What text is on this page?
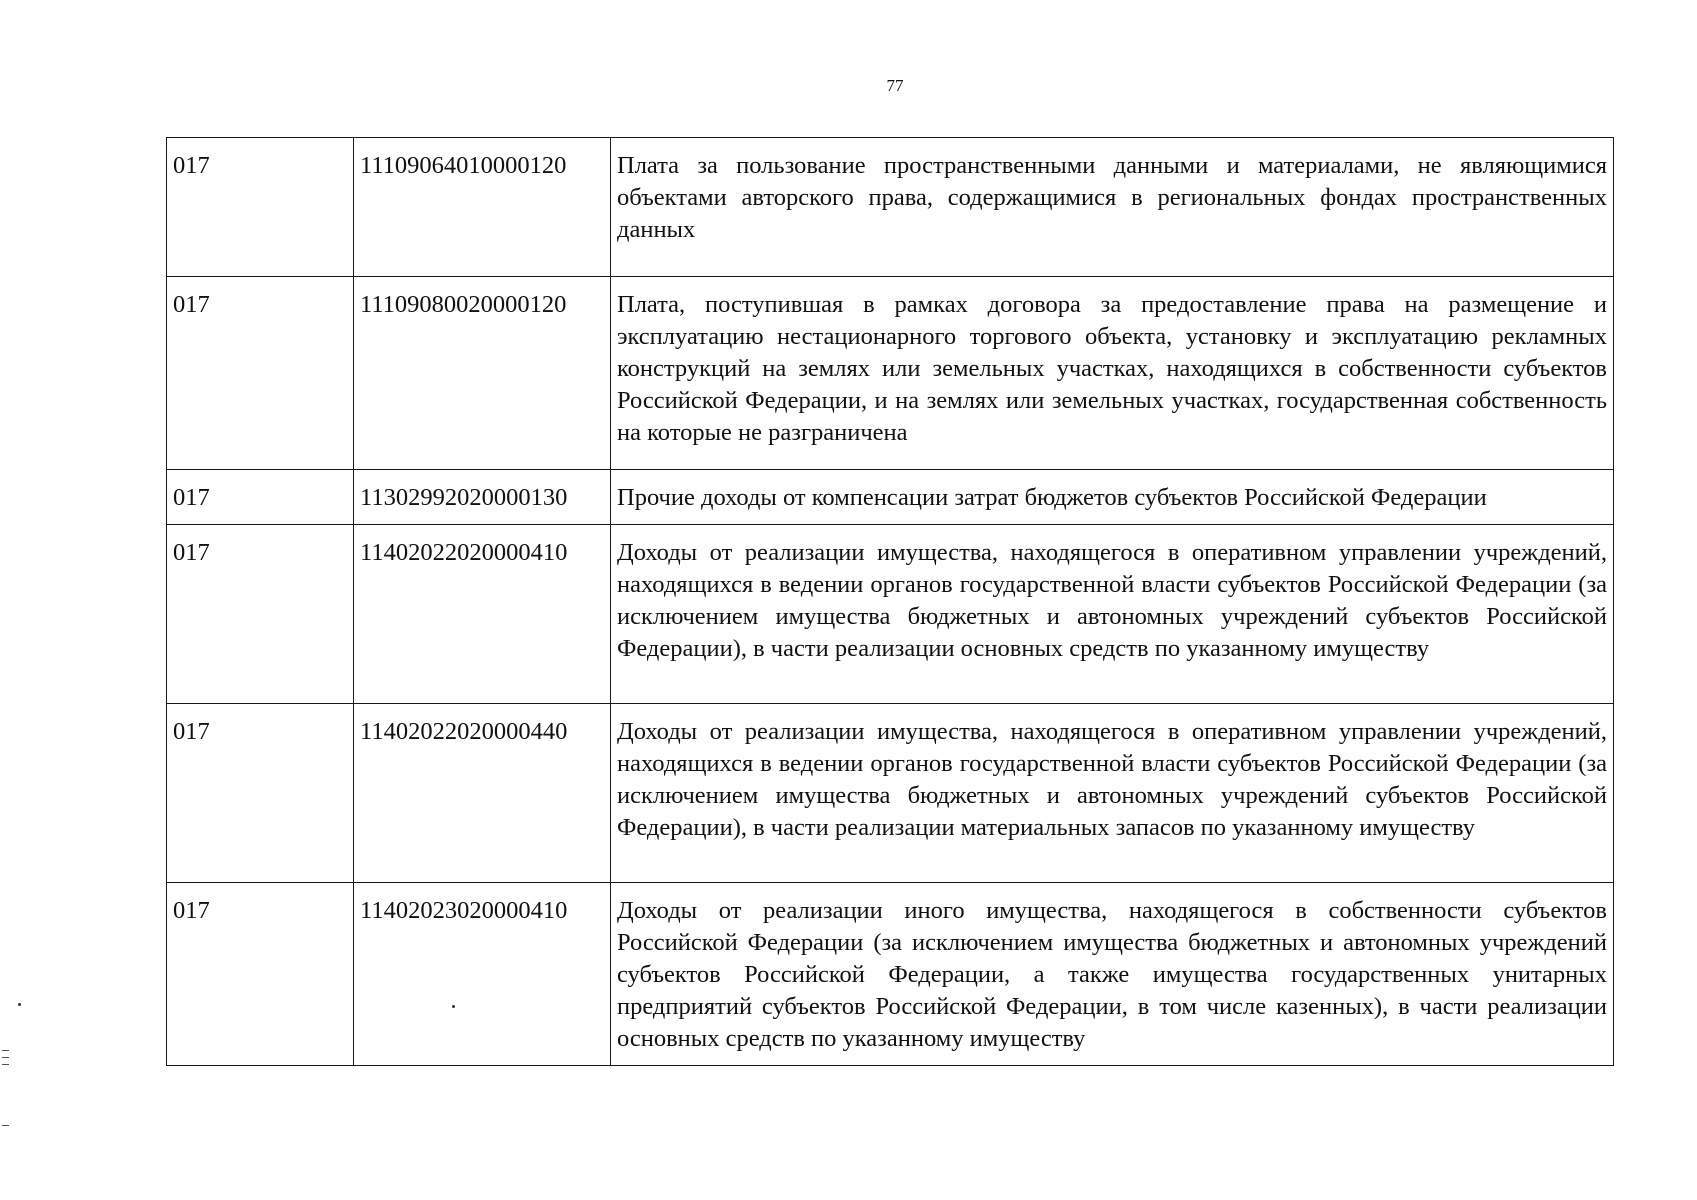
77
017	11109064010000120	Плата за пользование пространственными данными и материалами, не являющимися объектами авторского права, содержащимися в региональных фондах пространственных данных
017	11109080020000120	Плата, поступившая в рамках договора за предоставление права на размещение и эксплуатацию нестационарного торгового объекта, установку и эксплуатацию рекламных конструкций на землях или земельных участках, находящихся в собственности субъектов Российской Федерации, и на землях или земельных участках, государственная собственность на которые не разграничена
017	11302992020000130	Прочие доходы от компенсации затрат бюджетов субъектов Российской Федерации
017	11402022020000410	Доходы от реализации имущества, находящегося в оперативном управлении учреждений, находящихся в ведении органов государственной власти субъектов Российской Федерации (за исключением имущества бюджетных и автономных учреждений субъектов Российской Федерации), в части реализации основных средств по указанному имуществу
017	11402022020000440	Доходы от реализации имущества, находящегося в оперативном управлении учреждений, находящихся в ведении органов государственной власти субъектов Российской Федерации (за исключением имущества бюджетных и автономных учреждений субъектов Российской Федерации), в части реализации материальных запасов по указанному имуществу
017	11402023020000410	Доходы от реализации иного имущества, находящегося в собственности субъектов Российской Федерации (за исключением имущества бюджетных и автономных учреждений субъектов Российской Федерации, а также имущества государственных унитарных предприятий субъектов Российской Федерации, в том числе казенных), в части реализации основных средств по указанному имуществу
